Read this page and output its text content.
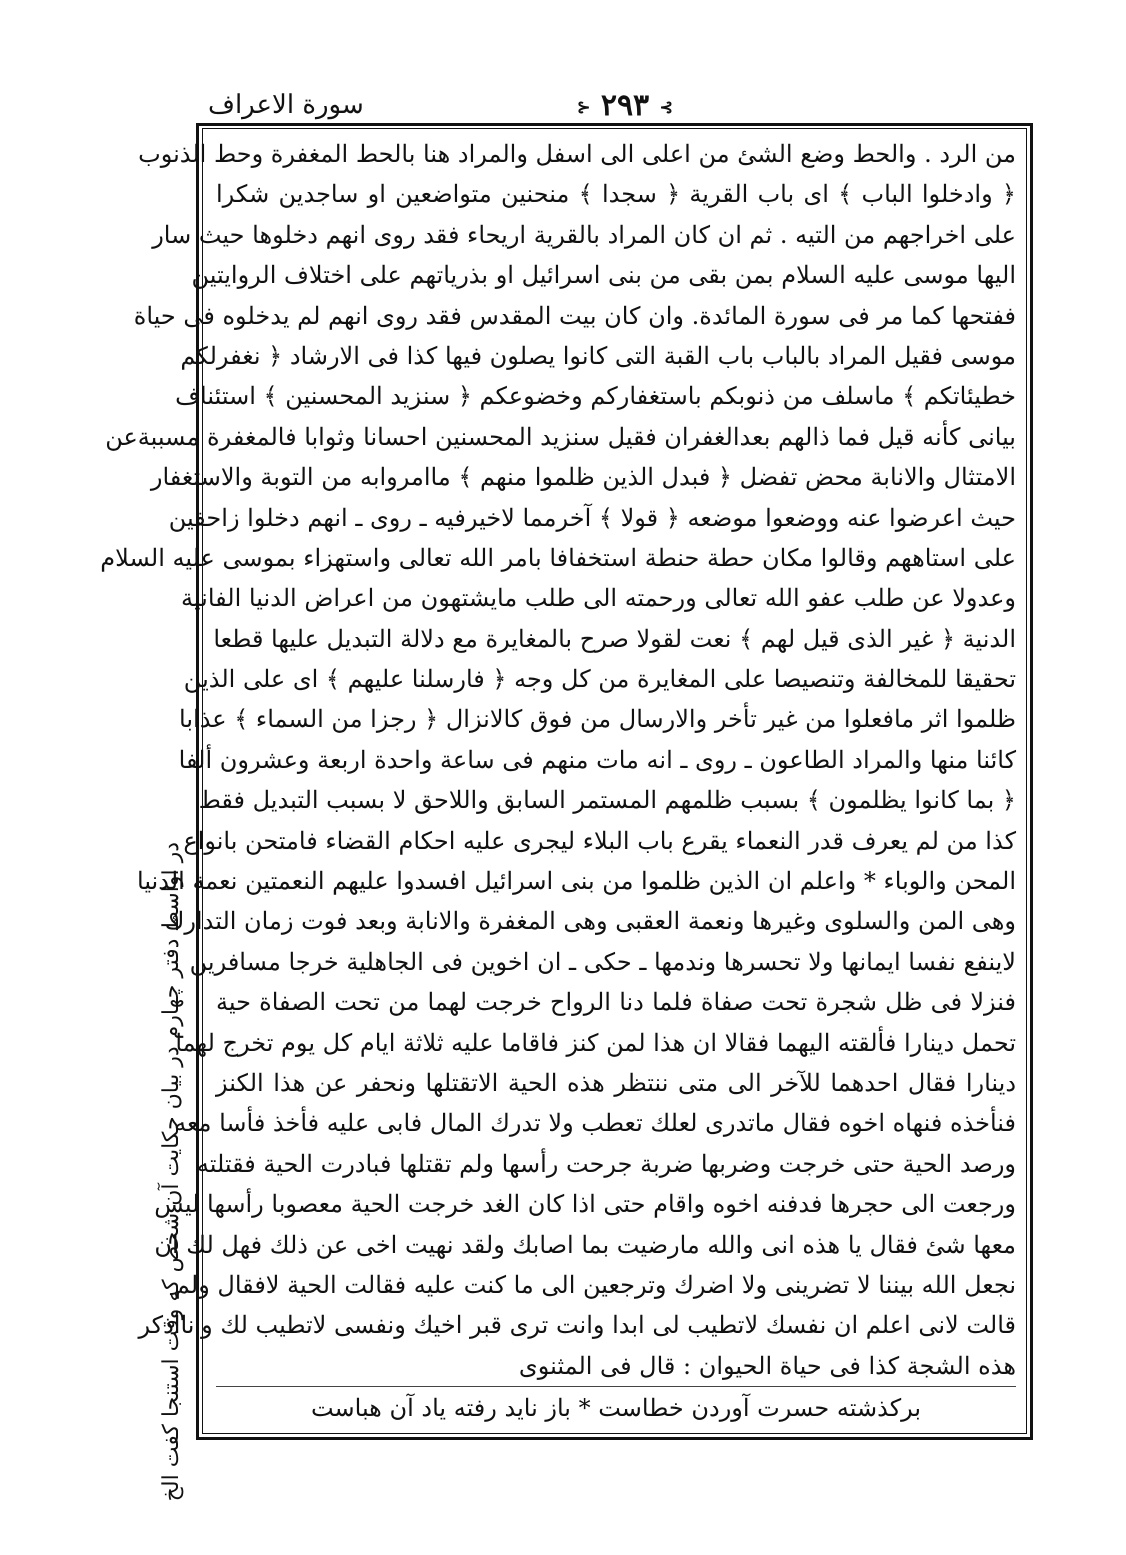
سورة الاعراف	⊱ ۲۹۳ ⊰
من الرد . والحط وضع الشئ من اعلى الى اسفل والمراد هنا بالحط المغفرة وحط الذنوب
﴿ وادخلوا الباب ﴾ اى باب القرية ﴿ سجدا ﴾ منحنين متواضعين او ساجدين شكرا
على اخراجهم من التيه . ثم ان كان المراد بالقرية اريحاء فقد روى انهم دخلوها حيث سار
اليها موسى عليه السلام بمن بقى من بنى اسرائيل او بذرياتهم على اختلاف الروايتين
ففتحها كما مر فى سورة المائدة. وان كان بيت المقدس فقد روى انهم لم يدخلوه فى حياة
موسى فقيل المراد بالباب باب القبة التى كانوا يصلون فيها كذا فى الارشاد ﴿ نغفرلكم
خطيئاتكم ﴾ ماسلف من ذنوبكم باستغفاركم وخضوعكم ﴿ سنزيد المحسنين ﴾ استئناف
بيانى كأنه قيل فما ذالهم بعدالغفران فقيل سنزيد المحسنين احسانا وثوابا فالمغفرة مسببةعن
الامتثال والانابة محض تفضل ﴿ فبدل الذين ظلموا منهم ﴾ ماامروابه من التوبة والاستغفار
حيث اعرضوا عنه ووضعوا موضعه ﴿ قولا ﴾ آخرمما لاخيرفيه ـ روى ـ انهم دخلوا زاحفين
على استاههم وقالوا مكان حطة حنطة استخفافا بامر الله تعالى واستهزاء بموسى عليه السلام
وعدولا عن طلب عفو الله تعالى ورحمته الى طلب مايشتهون من اعراض الدنيا الفانية
الدنية ﴿ غير الذى قيل لهم ﴾ نعت لقولا صرح بالمغايرة مع دلالة التبديل عليها قطعا
تحقيقا للمخالفة وتنصيصا على المغايرة من كل وجه ﴿ فارسلنا عليهم ﴾ اى على الذين
ظلموا اثر مافعلوا من غير تأخر والارسال من فوق كالانزال ﴿ رجزا من السماء ﴾ عذابا
كائنا منها والمراد الطاعون ـ روى ـ انه مات منهم فى ساعة واحدة اربعة وعشرون ألفا
﴿ بما كانوا يظلمون ﴾ بسبب ظلمهم المستمر السابق واللاحق لا بسبب التبديل فقط
كذا من لم يعرف قدر النعماء يقرع باب البلاء ليجرى عليه احكام القضاء فامتحن بانواع
المحن والوباء * واعلم ان الذين ظلموا من بنى اسرائيل افسدوا عليهم النعمتين نعمة الدنيا
وهى المن والسلوى وغيرها ونعمة العقبى وهى المغفرة والانابة وبعد فوت زمان التدارك
لاينفع نفسا ايمانها ولا تحسرها وندمها ـ حكى ـ ان اخوين فى الجاهلية خرجا مسافرين
فنزلا فى ظل شجرة تحت صفاة فلما دنا الرواح خرجت لهما من تحت الصفاة حية
تحمل دينارا فألقته اليهما فقالا ان هذا لمن كنز فاقاما عليه ثلاثة ايام كل يوم تخرج لهما
دينارا فقال احدهما للآخر الى متى ننتظر هذه الحية الاتقتلها ونحفر عن هذا الكنز
فنأخذه فنهاه اخوه فقال ماتدرى لعلك تعطب ولا تدرك المال فابى عليه فأخذ فأسا معه
ورصد الحية حتى خرجت وضربها ضربة جرحت رأسها ولم تقتلها فبادرت الحية فقتلته
ورجعت الى حجرها فدفنه اخوه واقام حتى اذا كان الغد خرجت الحية معصوبا رأسها ليس
معها شئ فقال يا هذه انى والله مارضيت بما اصابك ولقد نهيت اخى عن ذلك فهل لك ان
نجعل الله بيننا لا تضرينى ولا اضرك وترجعين الى ما كنت عليه فقالت الحية لافقال ولم
قالت لانى اعلم ان نفسك لاتطيب لى ابدا وانت ترى قبر اخيك ونفسى لاتطيب لك وانااذكر
هذه الشجة كذا فى حياة الحيوان : قال فى المثنوى
بركذشته حسرت آوردن خطاست * باز نايد رفته ياد آن هباست
در اواسط دفتر چهارم در بيان حكايت آن شخص كه وقت استنجا كفت الخ
